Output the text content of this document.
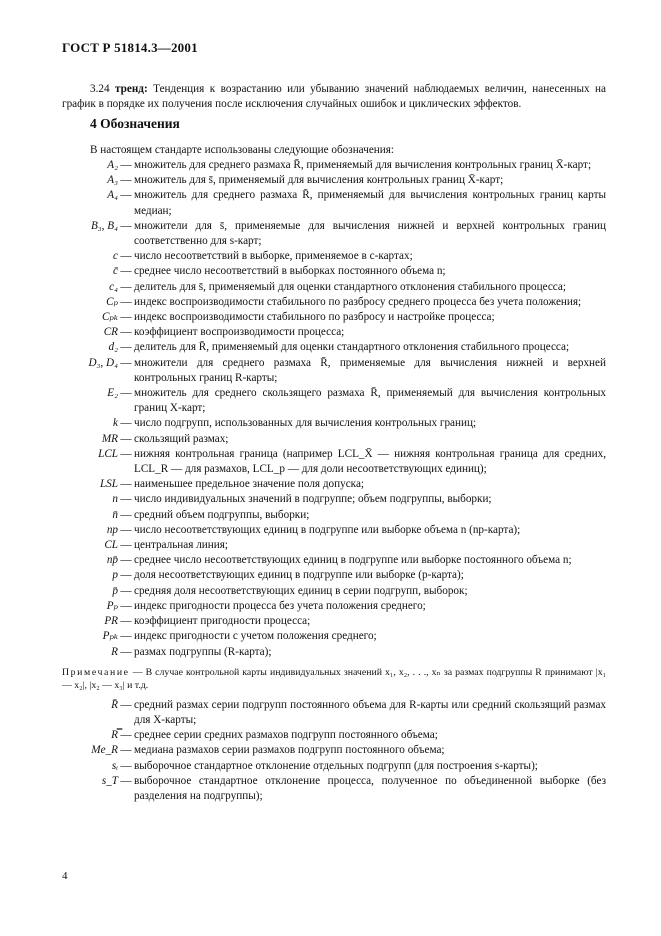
ГОСТ Р 51814.3—2001
3.24 тренд: Тенденция к возрастанию или убыванию значений наблюдаемых величин, нанесенных на график в порядке их получения после исключения случайных ошибок и циклических эффектов.
4 Обозначения
В настоящем стандарте использованы следующие обозначения:
A₂ — множитель для среднего размаха R̄, применяемый для вычисления контрольных границ X̄-карт;
A₃ — множитель для s̄, применяемый для вычисления контрольных границ X̄-карт;
A₄ — множитель для среднего размаха R̄, применяемый для вычисления контрольных границ карты медиан;
B₃, B₄ — множители для s̄, применяемые для вычисления нижней и верхней контрольных границ соответственно для s-карт;
c — число несоответствий в выборке, применяемое в c-картах;
c̄ — среднее число несоответствий в выборках постоянного объема n;
c₄ — делитель для s̄, применяемый для оценки стандартного отклонения стабильного процесса;
Cₚ — индекс воспроизводимости стабильного по разбросу среднего процесса без учета положения;
Cₚₖ — индекс воспроизводимости стабильного по разбросу и настройке процесса;
CR — коэффициент воспроизводимости процесса;
d₂ — делитель для R̄, применяемый для оценки стандартного отклонения стабильного процесса;
D₃, D₄ — множители для среднего размаха R̄, применяемые для вычисления нижней и верхней контрольных границ R-карты;
E₂ — множитель для среднего скользящего размаха R̄, применяемый для вычисления контрольных границ X-карт;
k — число подгрупп, использованных для вычисления контрольных границ;
MR — скользящий размах;
LCL — нижняя контрольная граница (например LCL_X̄ — нижняя контрольная граница для средних, LCL_R — для размахов, LCL_p — для доли несоответствующих единиц);
LSL — наименьшее предельное значение поля допуска;
n — число индивидуальных значений в подгруппе; объем подгруппы, выборки;
n̄ — средний объем подгруппы, выборки;
np — число несоответствующих единиц в подгруппе или выборке объема n (np-карта);
CL — центральная линия;
np̄ — среднее число несоответствующих единиц в подгруппе или выборке постоянного объема n;
p — доля несоответствующих единиц в подгруппе или выборке (p-карта);
p̄ — средняя доля несоответствующих единиц в серии подгрупп, выборок;
Pₚ — индекс пригодности процесса без учета положения среднего;
PR — коэффициент пригодности процесса;
Pₚₖ — индекс пригодности с учетом положения среднего;
R — размах подгруппы (R-карта);
Примечание — В случае контрольной карты индивидуальных значений x₁, x₂, . . ., xₙ за размах подгруппы R принимают |x₁ — x₂|, |x₂ — x₃| и т.д.
R̄ — средний размах серии подгрупп постоянного объема для R-карты или средний скользящий размах для X-карты;
R̿ — среднее серии средних размахов подгрупп постоянного объема;
Me_R — медиана размахов серии размахов подгрупп постоянного объема;
sᵢ — выборочное стандартное отклонение отдельных подгрупп (для построения s-карты);
s_T — выборочное стандартное отклонение процесса, полученное по объединенной выборке (без разделения на подгруппы);
4
